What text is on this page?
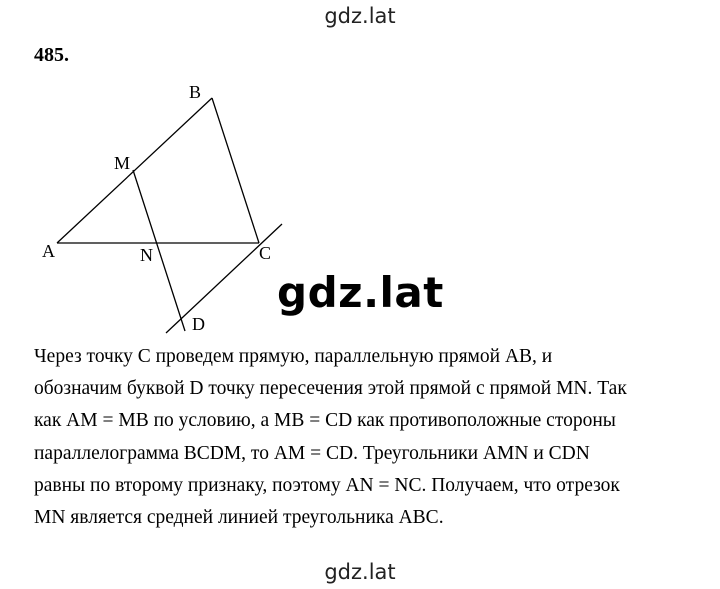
gdz.lat
485.
B
M
A	N	C
D
gdz.lat
Через точку C проведем прямую, параллельную прямой AB, и
обозначим буквой D точку пересечения этой прямой с прямой MN. Так
как AM = MB по условию, а MB = CD как противоположные стороны
параллелограмма BCDM, то AM = CD. Треугольники AMN и CDN
равны по второму признаку, поэтому AN = NC. Получаем, что отрезок
MN является средней линией треугольника ABC.
gdz.lat
